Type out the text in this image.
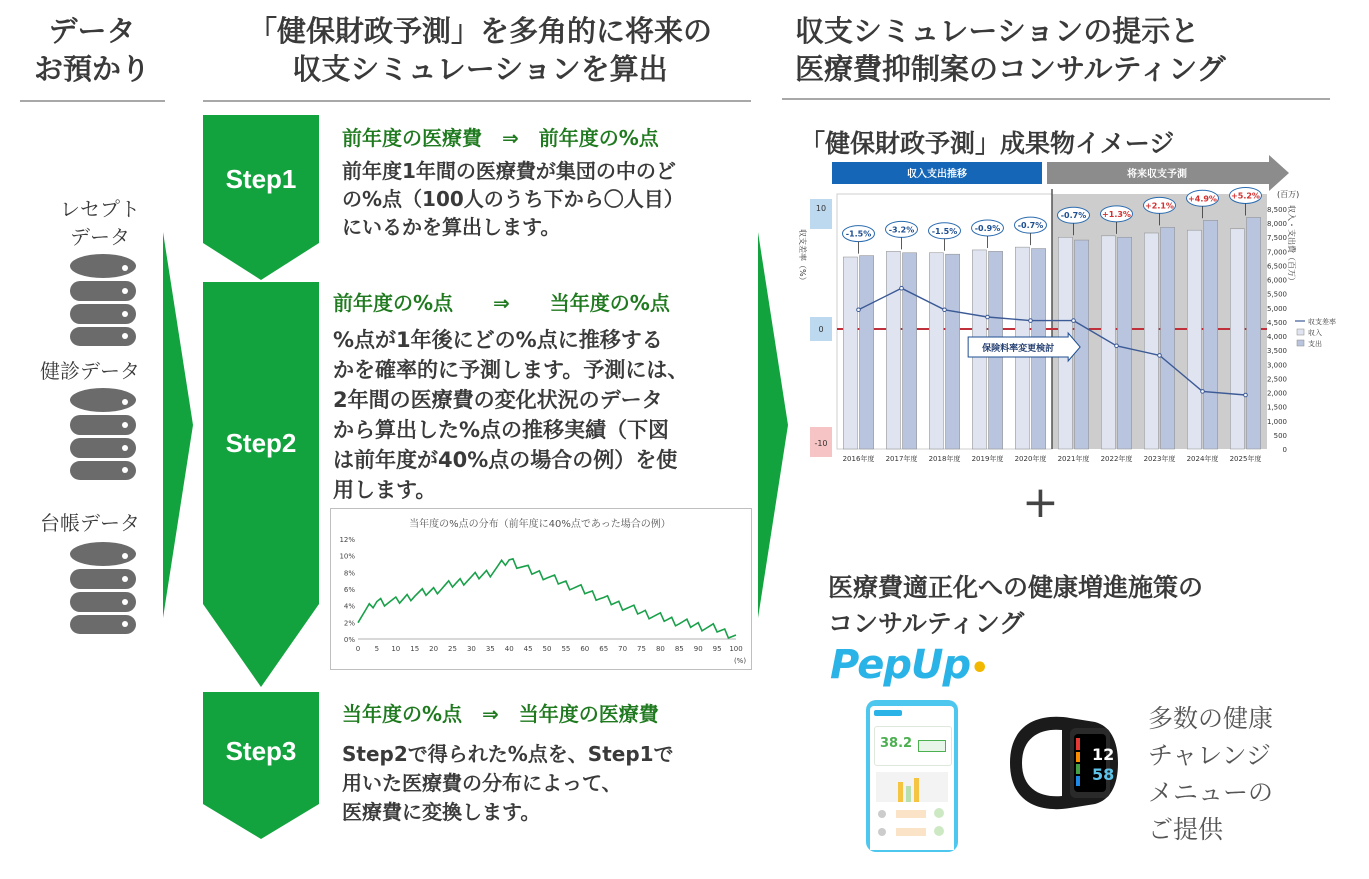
データ
お預かり
「健保財政予測」を多角的に将来の
収支シミュレーションを算出
収支シミュレーションの提示と
医療費抑制案のコンサルティング
レセプト
データ
健診データ
台帳データ
Step1
Step2
Step3
前年度の医療費　⇒　前年度の%点
前年度1年間の医療費が集団の中のど
の%点（100人のうち下から〇人目）
にいるかを算出します。
前年度の%点　　⇒　　当年度の%点
%点が1年後にどの%点に推移する
かを確率的に予測します。予測には、
2年間の医療費の変化状況のデータ
から算出した%点の推移実績（下図
は前年度が40%点の場合の例）を使
用します。
当年度の%点の分布（前年度に40%点であった場合の例）
12%
10%
8%
6%
4%
2%
0%
0 5 10 15 20 25 30 35 40 45 50 55 60 65 70 75 80 85 90 95 100
(%)
当年度の%点　⇒　当年度の医療費
Step2で得られた%点を、Step1で
用いた医療費の分布によって、
医療費に変換します。
「健保財政予測」成果物イメージ
収入支出推移	将来収支予測
10
0
-10
収支差率（%）
8,500
8,000
7,500
7,000
6,500
6,000
5,500
5,000
4,500
4,000
3,500
3,000
2,500
2,000
1,500
1,000
500
0
(百万)
収入・支出費（百万）
2016年度
-1.5%
2017年度
-3.2%
2018年度
-1.5%
2019年度
-0.9%
2020年度
-0.7%
2021年度
-0.7%
2022年度
+1.3%
2023年度
+2.1%
2024年度
+4.9%
2025年度
+5.2%
保険料率変更検討
収支差率
収入
支出
+
医療費適正化への健康増進施策の
コンサルティング
PepUp•
38.2
12
58
多数の健康
チャレンジ
メニューの
ご提供
